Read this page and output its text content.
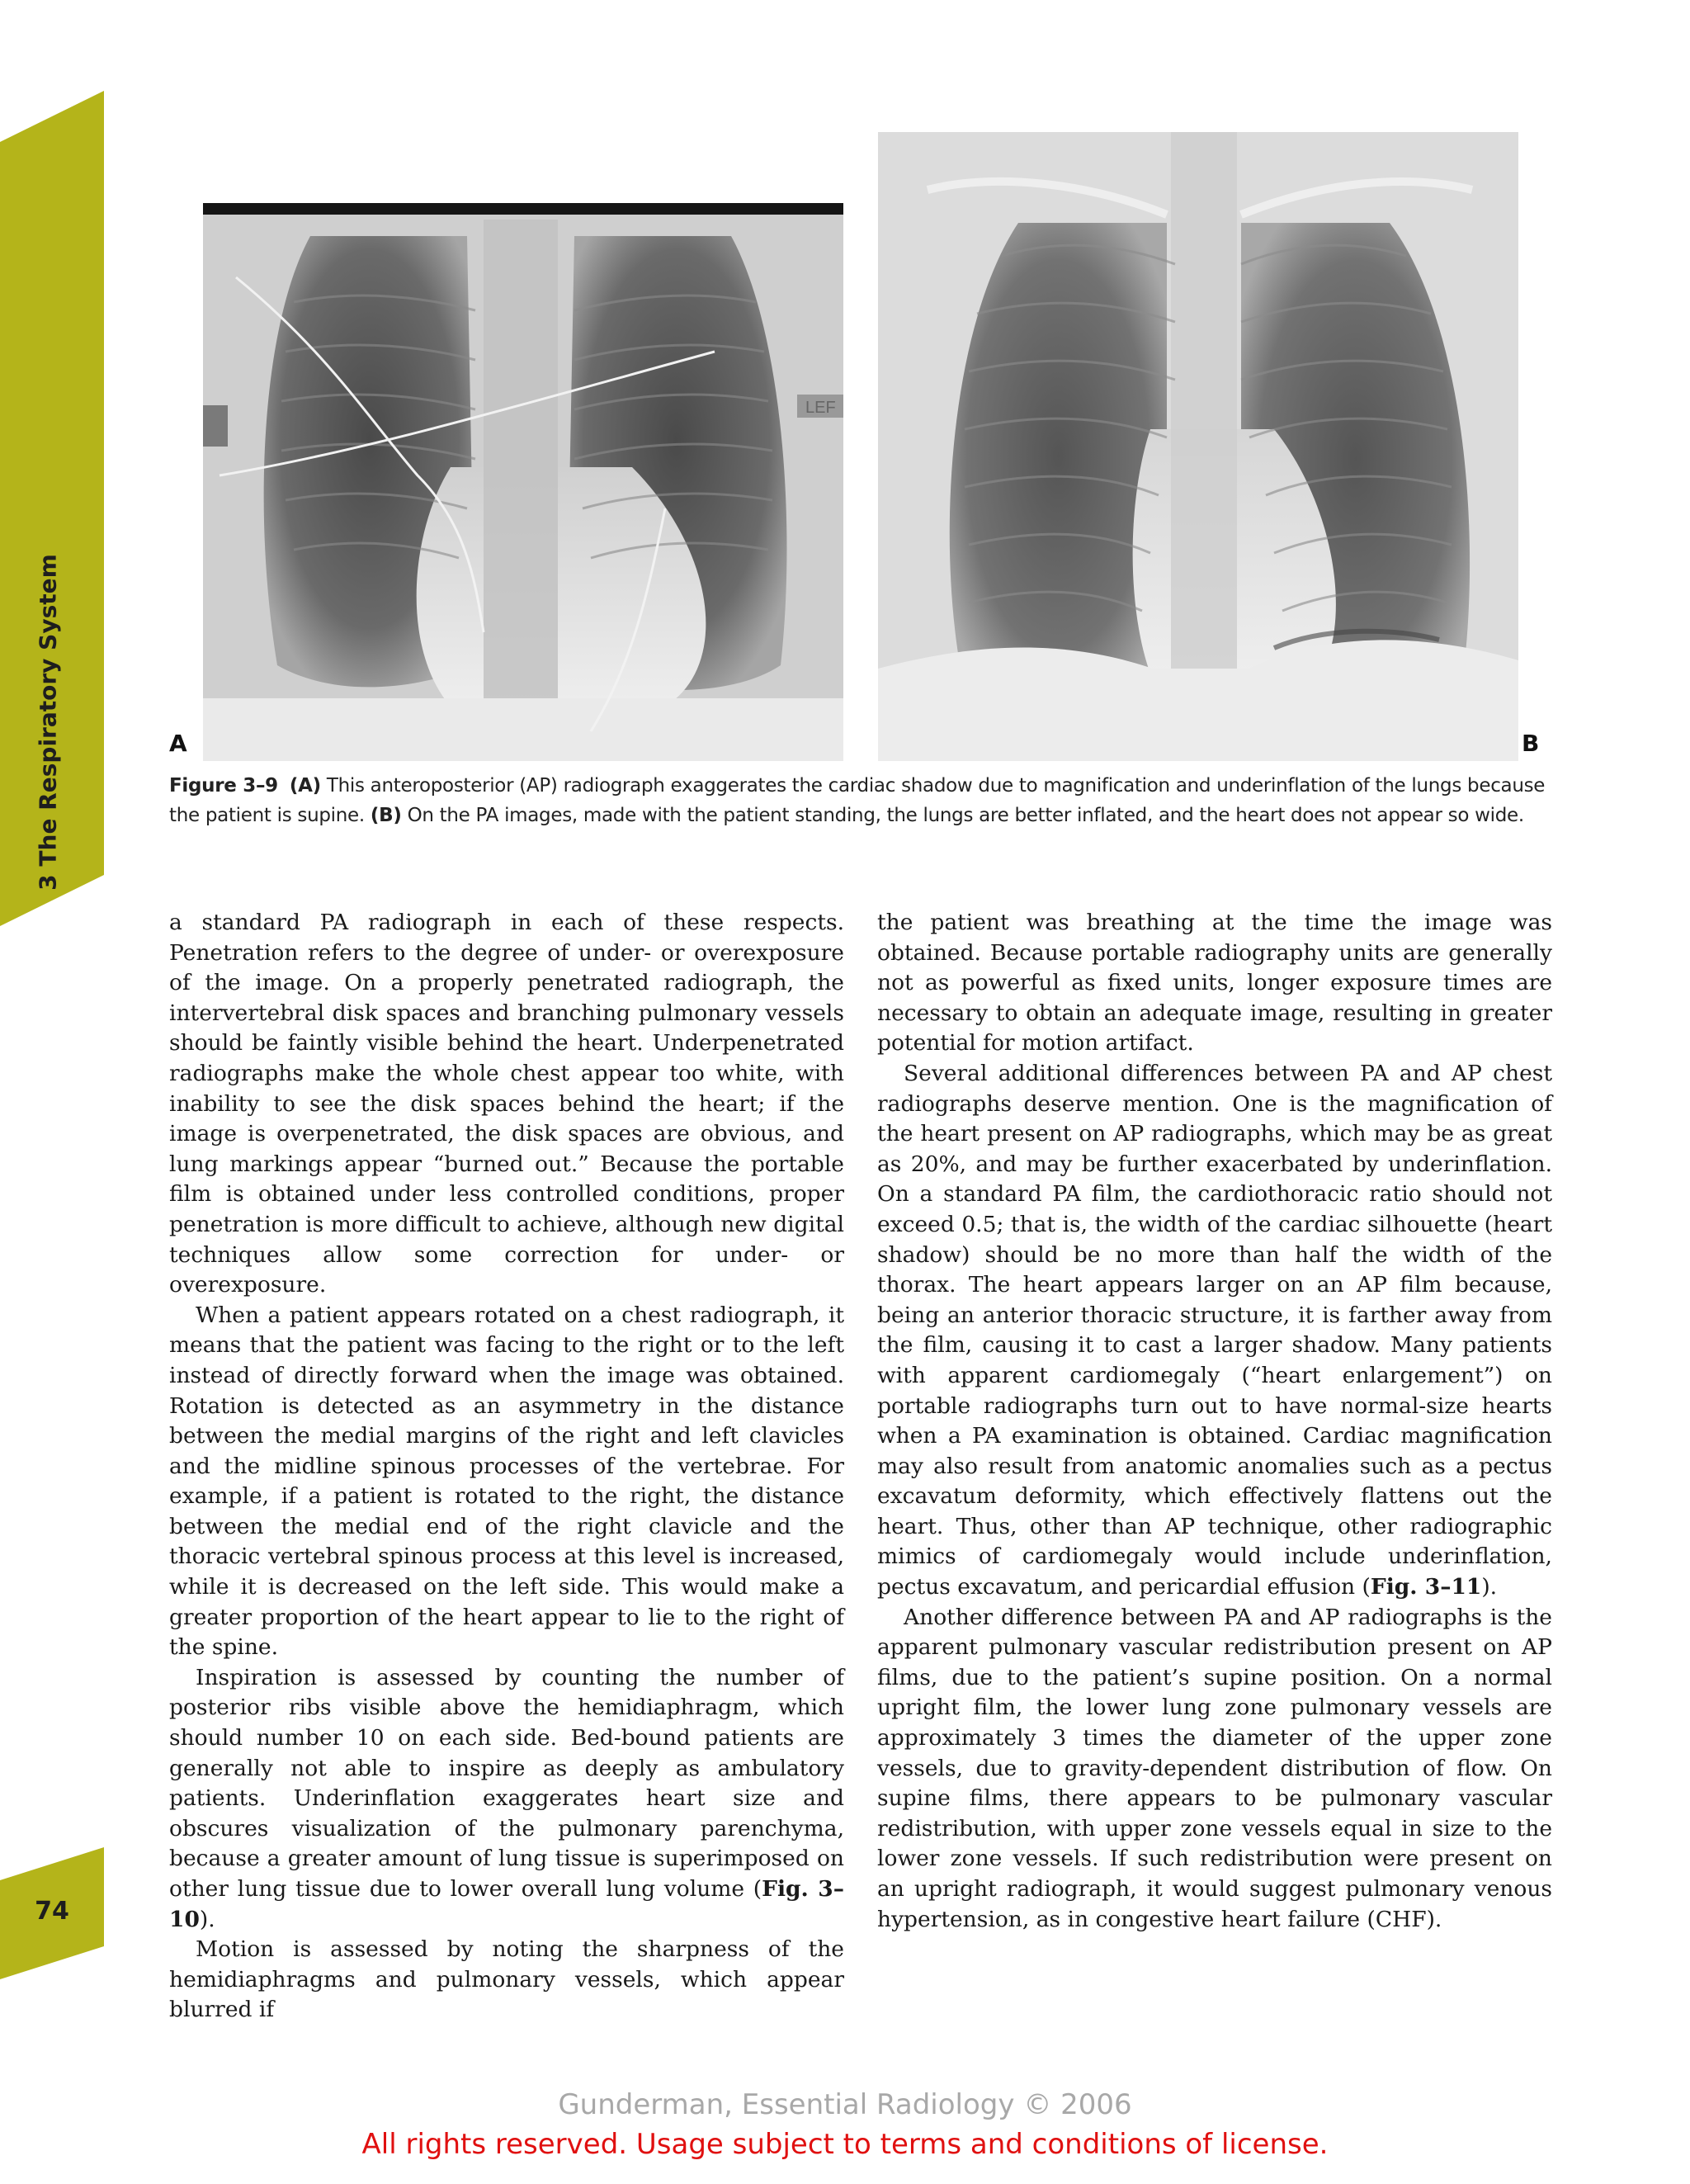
3 The Respiratory System
74
LEF
A	B
Figure 3–9 (A) This anteroposterior (AP) radiograph exaggerates the cardiac shadow due to magnification and underinflation of the lungs because the patient is supine. (B) On the PA images, made with the patient standing, the lungs are better inflated, and the heart does not appear so wide.

a standard PA radiograph in each of these respects. Penetration refers to the degree of under- or overexposure of the image. On a properly penetrated radiograph, the intervertebral disk spaces and branching pulmonary vessels should be faintly visible behind the heart. Underpenetrated radiographs make the whole chest appear too white, with inability to see the disk spaces behind the heart; if the image is overpenetrated, the disk spaces are obvious, and lung markings appear “burned out.” Because the portable film is obtained under less controlled conditions, proper penetration is more difficult to achieve, although new digital techniques allow some correction for under- or overexposure.

When a patient appears rotated on a chest radiograph, it means that the patient was facing to the right or to the left instead of directly forward when the image was obtained. Rotation is detected as an asymmetry in the distance between the medial margins of the right and left clavicles and the midline spinous processes of the vertebrae. For example, if a patient is rotated to the right, the distance between the medial end of the right clavicle and the thoracic vertebral spinous process at this level is increased, while it is decreased on the left side. This would make a greater proportion of the heart appear to lie to the right of the spine.

Inspiration is assessed by counting the number of posterior ribs visible above the hemidiaphragm, which should number 10 on each side. Bed-bound patients are generally not able to inspire as deeply as ambulatory patients. Underinflation exaggerates heart size and obscures visualization of the pulmonary parenchyma, because a greater amount of lung tissue is superimposed on other lung tissue due to lower overall lung volume (Fig. 3–10).

Motion is assessed by noting the sharpness of the hemidiaphragms and pulmonary vessels, which appear blurred if

the patient was breathing at the time the image was obtained. Because portable radiography units are generally not as powerful as fixed units, longer exposure times are necessary to obtain an adequate image, resulting in greater potential for motion artifact.

Several additional differences between PA and AP chest radiographs deserve mention. One is the magnification of the heart present on AP radiographs, which may be as great as 20%, and may be further exacerbated by underinflation. On a standard PA film, the cardiothoracic ratio should not exceed 0.5; that is, the width of the cardiac silhouette (heart shadow) should be no more than half the width of the thorax. The heart appears larger on an AP film because, being an anterior thoracic structure, it is farther away from the film, causing it to cast a larger shadow. Many patients with apparent cardiomegaly (“heart enlargement”) on portable radiographs turn out to have normal-size hearts when a PA examination is obtained. Cardiac magnification may also result from anatomic anomalies such as a pectus excavatum deformity, which effectively flattens out the heart. Thus, other than AP technique, other radiographic mimics of cardiomegaly would include underinflation, pectus excavatum, and pericardial effusion (Fig. 3–11).

Another difference between PA and AP radiographs is the apparent pulmonary vascular redistribution present on AP films, due to the patient’s supine position. On a normal upright film, the lower lung zone pulmonary vessels are approximately 3 times the diameter of the upper zone vessels, due to gravity-dependent distribution of flow. On supine films, there appears to be pulmonary vascular redistribution, with upper zone vessels equal in size to the lower zone vessels. If such redistribution were present on an upright radiograph, it would suggest pulmonary venous hypertension, as in congestive heart failure (CHF).

Gunderman, Essential Radiology © 2006
All rights reserved. Usage subject to terms and conditions of license.
